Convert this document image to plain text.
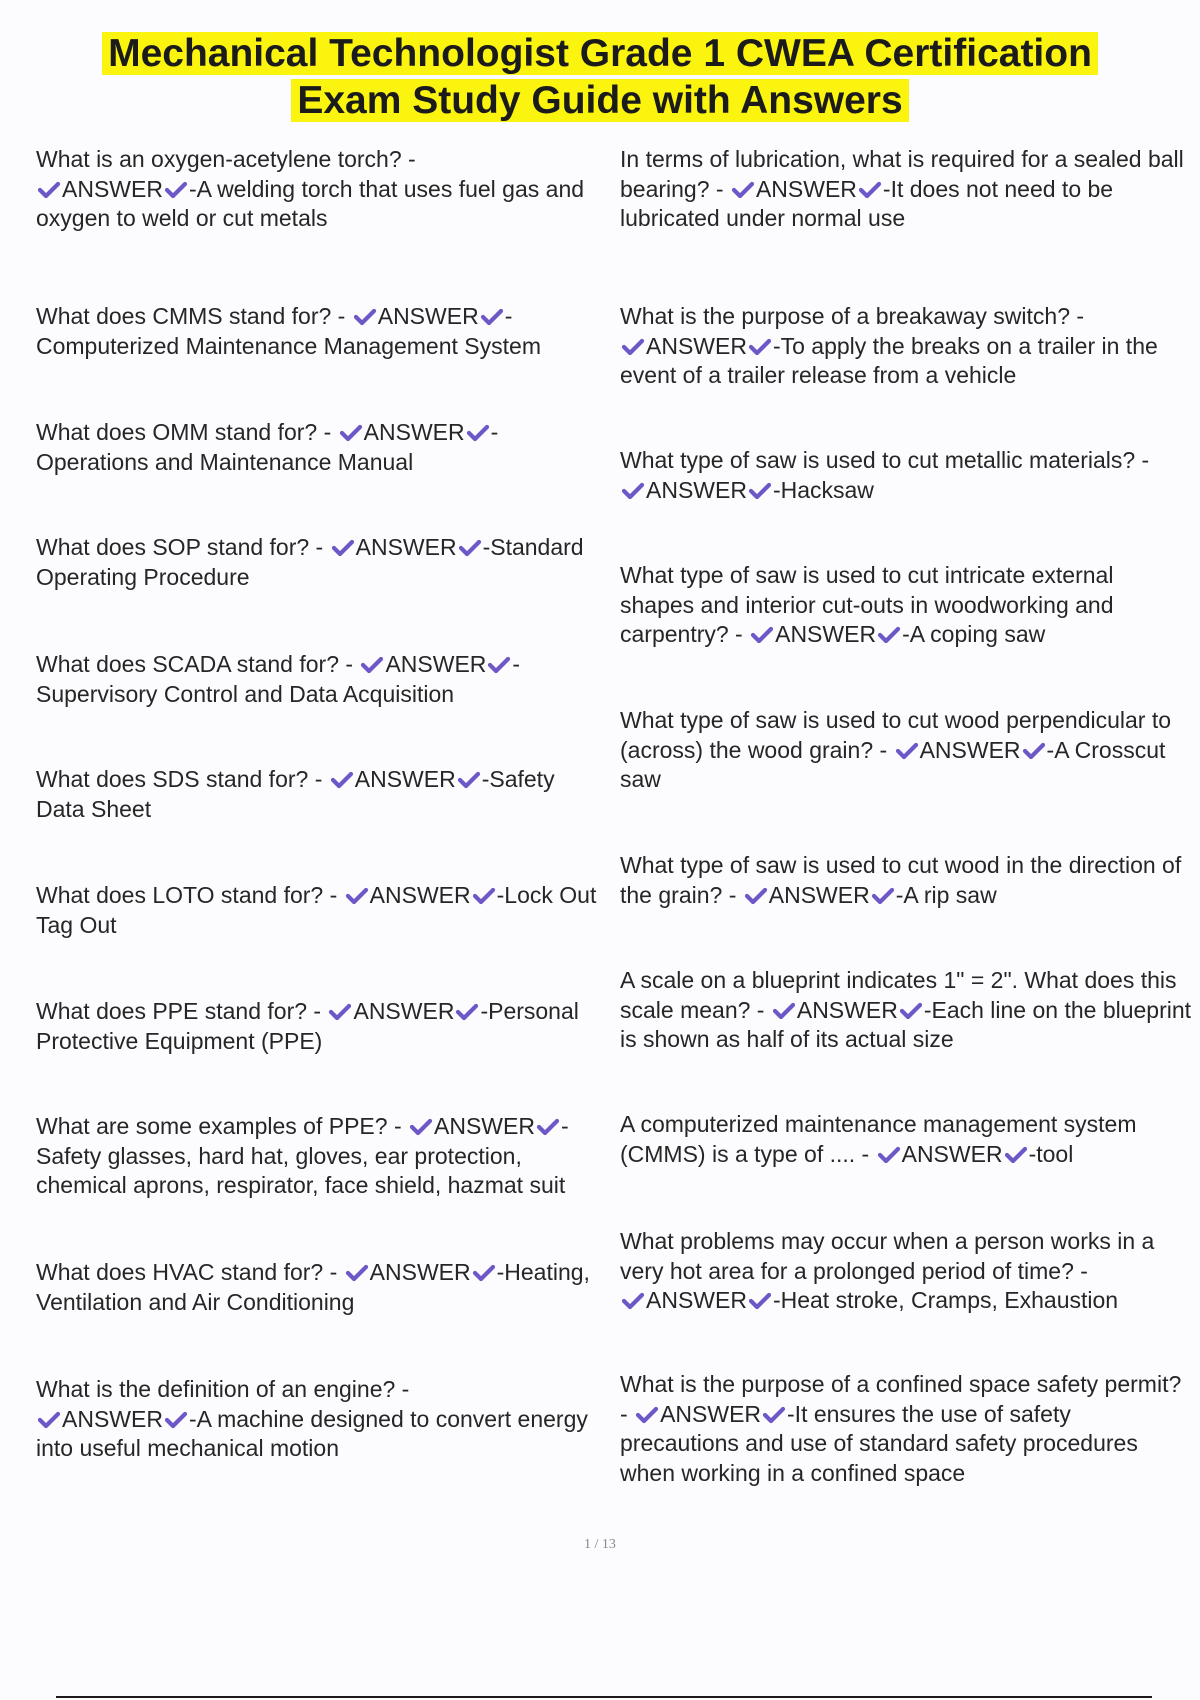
Mechanical Technologist Grade 1 CWEA Certification
Exam Study Guide with Answers
What is an oxygen-acetylene torch? -
ANSWER -A welding torch that uses fuel gas and oxygen to weld or cut metals
What does CMMS stand for? - ANSWER -Computerized Maintenance Management System
What does OMM stand for? - ANSWER -Operations and Maintenance Manual
What does SOP stand for? - ANSWER -Standard Operating Procedure
What does SCADA stand for? - ANSWER -Supervisory Control and Data Acquisition
What does SDS stand for? - ANSWER -Safety Data Sheet
What does LOTO stand for? - ANSWER -Lock Out Tag Out
What does PPE stand for? - ANSWER -Personal Protective Equipment (PPE)
What are some examples of PPE? - ANSWER -Safety glasses, hard hat, gloves, ear protection, chemical aprons, respirator, face shield, hazmat suit
What does HVAC stand for? - ANSWER -Heating, Ventilation and Air Conditioning
What is the definition of an engine? -
ANSWER -A machine designed to convert energy into useful mechanical motion
In terms of lubrication, what is required for a sealed ball bearing? - ANSWER -It does not need to be lubricated under normal use
What is the purpose of a breakaway switch? -
ANSWER -To apply the breaks on a trailer in the event of a trailer release from a vehicle
What type of saw is used to cut metallic materials? -
ANSWER -Hacksaw
What type of saw is used to cut intricate external shapes and interior cut-outs in woodworking and carpentry? - ANSWER -A coping saw
What type of saw is used to cut wood perpendicular to (across) the wood grain? - ANSWER -A Crosscut saw
What type of saw is used to cut wood in the direction of the grain? - ANSWER -A rip saw
A scale on a blueprint indicates 1" = 2". What does this scale mean? - ANSWER -Each line on the blueprint is shown as half of its actual size
A computerized maintenance management system (CMMS) is a type of .... - ANSWER -tool
What problems may occur when a person works in a very hot area for a prolonged period of time? -
ANSWER -Heat stroke, Cramps, Exhaustion
What is the purpose of a confined space safety permit? - ANSWER -It ensures the use of safety precautions and use of standard safety procedures when working in a confined space
1 / 13
